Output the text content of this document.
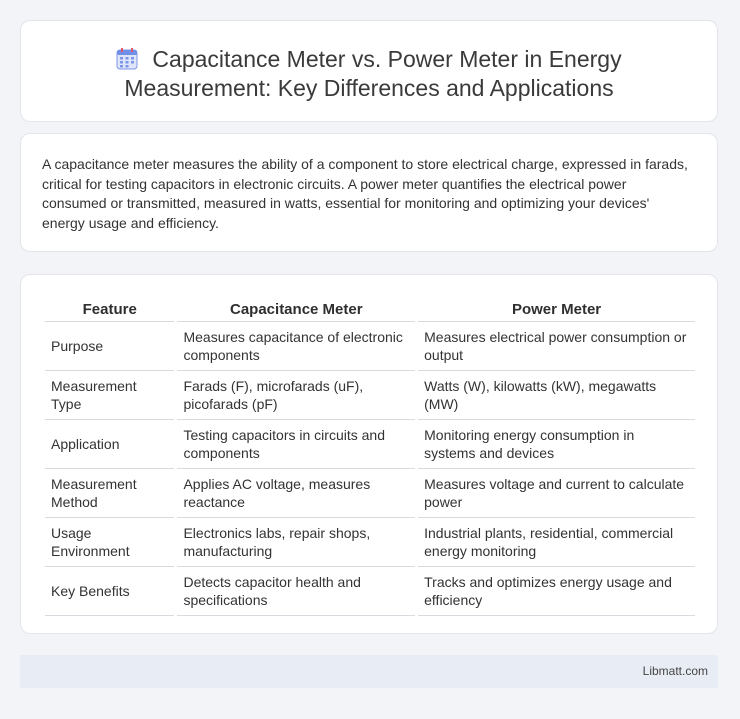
Capacitance Meter vs. Power Meter in Energy
Measurement: Key Differences and Applications
A capacitance meter measures the ability of a component to store electrical charge, expressed in farads, critical for testing capacitors in electronic circuits. A power meter quantifies the electrical power consumed or transmitted, measured in watts, essential for monitoring and optimizing your devices' energy usage and efficiency.
Feature	Capacitance Meter	Power Meter
Purpose	Measures capacitance of electronic components	Measures electrical power consumption or output
Measurement Type	Farads (F), microfarads (uF), picofarads (pF)	Watts (W), kilowatts (kW), megawatts (MW)
Application	Testing capacitors in circuits and components	Monitoring energy consumption in systems and devices
Measurement Method	Applies AC voltage, measures reactance	Measures voltage and current to calculate power
Usage Environment	Electronics labs, repair shops, manufacturing	Industrial plants, residential, commercial energy monitoring
Key Benefits	Detects capacitor health and specifications	Tracks and optimizes energy usage and efficiency
Libmatt.com
